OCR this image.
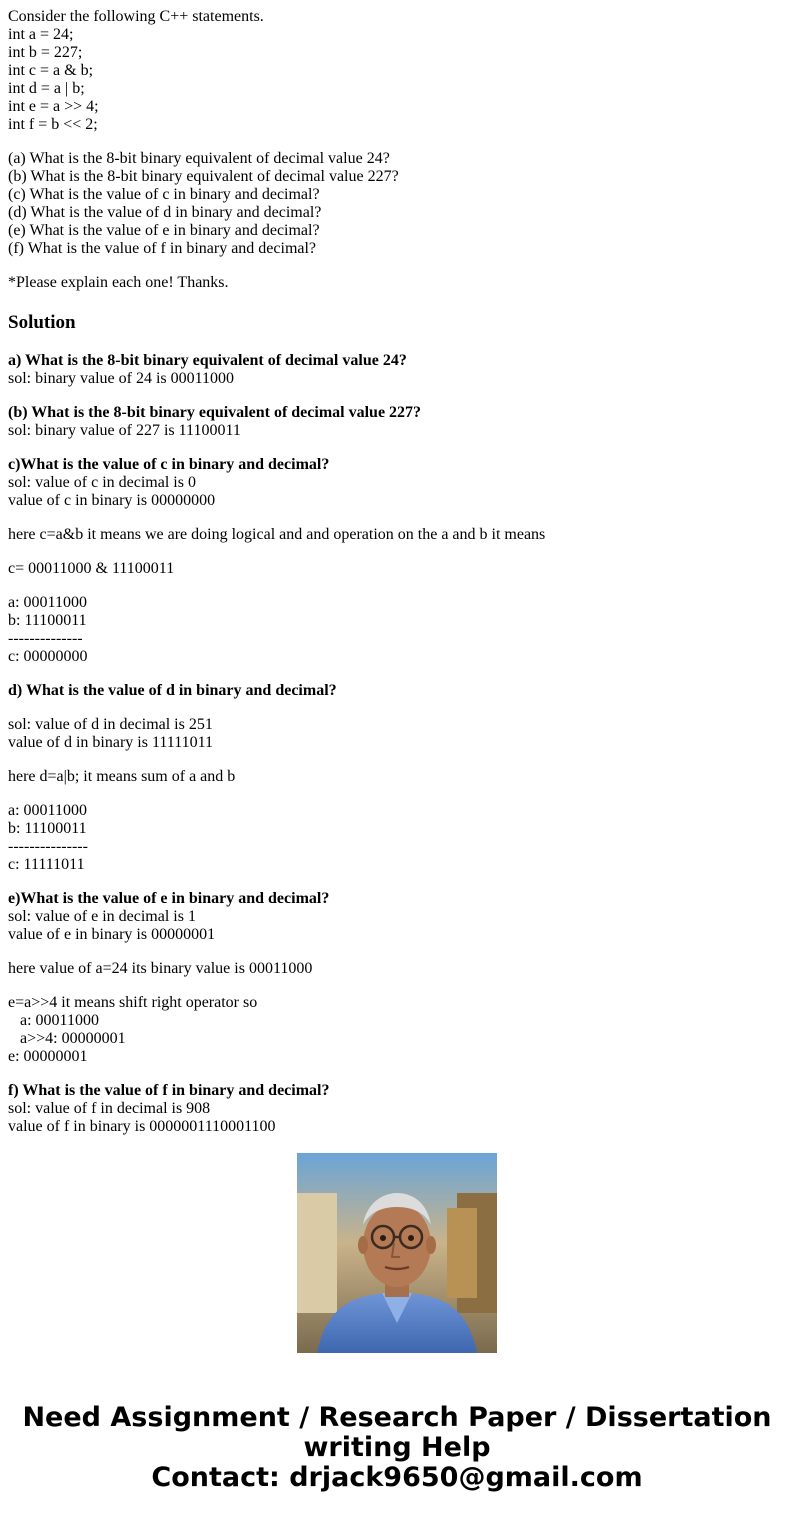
Consider the following C++ statements.
int a = 24;
int b = 227;
int c = a & b;
int d = a | b;
int e = a >> 4;
int f = b << 2;
(a) What is the 8-bit binary equivalent of decimal value 24?
(b) What is the 8-bit binary equivalent of decimal value 227?
(c) What is the value of c in binary and decimal?
(d) What is the value of d in binary and decimal?
(e) What is the value of e in binary and decimal?
(f) What is the value of f in binary and decimal?
*Please explain each one! Thanks.
Solution
a) What is the 8-bit binary equivalent of decimal value 24?
sol: binary value of 24 is 00011000
(b) What is the 8-bit binary equivalent of decimal value 227?
sol: binary value of 227 is 11100011
c)What is the value of c in binary and decimal?
sol: value of c in decimal is 0
value of c in binary is 00000000
here c=a&b it means we are doing logical and and operation on the a and b it means
c= 00011000 & 11100011
a: 00011000
b: 11100011
--------------
c: 00000000
d) What is the value of d in binary and decimal?
sol: value of d in decimal is 251
value of d in binary is 11111011
here d=a|b; it means sum of a and b
a: 00011000
b: 11100011
---------------
c: 11111011
e)What is the value of e in binary and decimal?
sol: value of e in decimal is 1
value of e in binary is 00000001
here value of a=24 its binary value is 00011000
e=a>>4 it means shift right operator so
a: 00011000
a>>4: 00000001
e: 00000001
f) What is the value of f in binary and decimal?
sol: value of f in decimal is 908
value of f in binary is 0000001110001100
Need Assignment / Research Paper / Dissertation
writing Help
Contact: drjack9650@gmail.com
